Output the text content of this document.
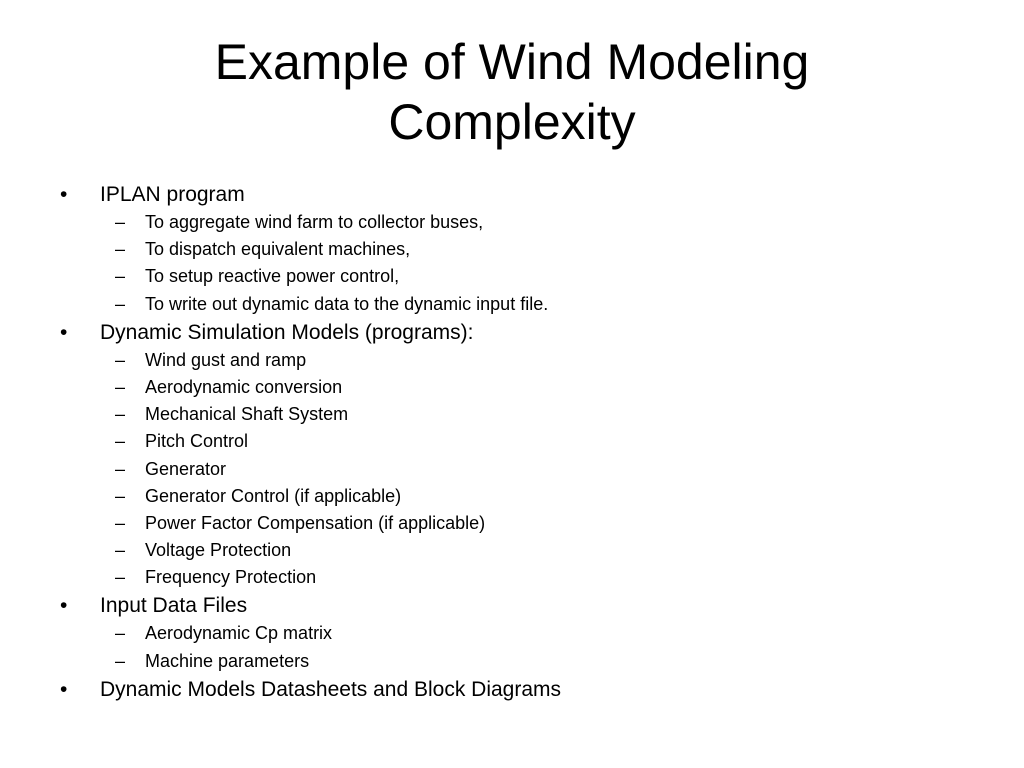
Example of Wind Modeling
Complexity
•	IPLAN program
–	To aggregate wind farm to collector buses,
–	To dispatch equivalent machines,
–	To setup reactive power control,
–	To write out dynamic data to the dynamic input file.
•	Dynamic Simulation Models (programs):
–	Wind gust and ramp
–	Aerodynamic conversion
–	Mechanical Shaft System
–	Pitch Control
–	Generator
–	Generator Control (if applicable)
–	Power Factor Compensation (if applicable)
–	Voltage Protection
–	Frequency Protection
•	Input Data Files
–	Aerodynamic Cp matrix
–	Machine parameters
•	Dynamic Models Datasheets and Block Diagrams
